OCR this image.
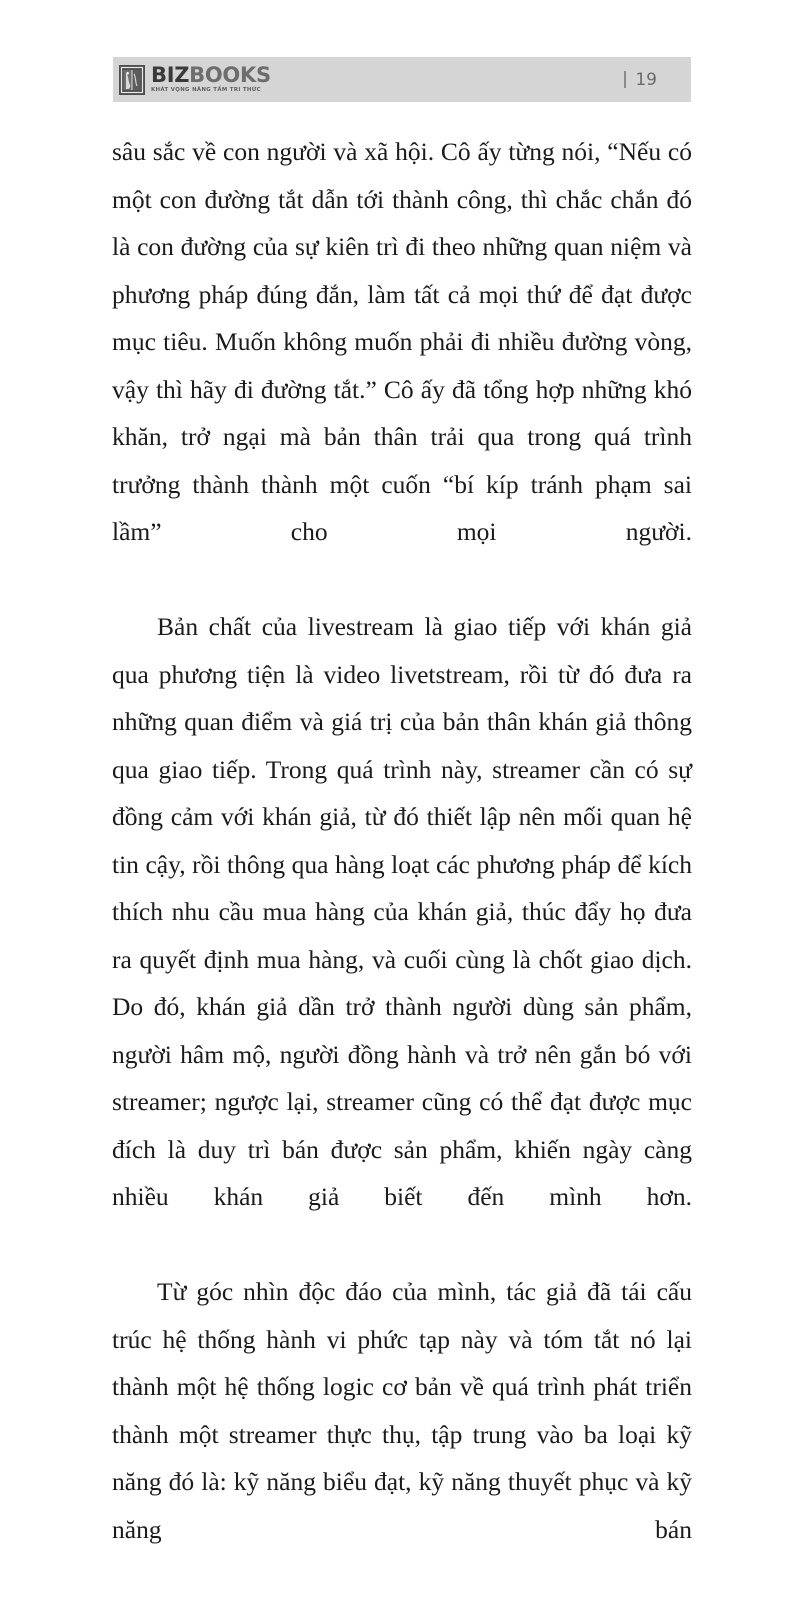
BIZBOOKS
KHÁT VỌNG NÂNG TẦM TRI THỨC
19

sâu sắc về con người và xã hội. Cô ấy từng nói, “Nếu có một con đường tắt dẫn tới thành công, thì chắc chắn đó là con đường của sự kiên trì đi theo những quan niệm và phương pháp đúng đắn, làm tất cả mọi thứ để đạt được mục tiêu. Muốn không muốn phải đi nhiều đường vòng, vậy thì hãy đi đường tắt.” Cô ấy đã tổng hợp những khó khăn, trở ngại mà bản thân trải qua trong quá trình trưởng thành thành một cuốn “bí kíp tránh phạm sai lầm” cho mọi người.

Bản chất của livestream là giao tiếp với khán giả qua phương tiện là video livetstream, rồi từ đó đưa ra những quan điểm và giá trị của bản thân khán giả thông qua giao tiếp. Trong quá trình này, streamer cần có sự đồng cảm với khán giả, từ đó thiết lập nên mối quan hệ tin cậy, rồi thông qua hàng loạt các phương pháp để kích thích nhu cầu mua hàng của khán giả, thúc đẩy họ đưa ra quyết định mua hàng, và cuối cùng là chốt giao dịch. Do đó, khán giả dần trở thành người dùng sản phẩm, người hâm mộ, người đồng hành và trở nên gắn bó với streamer; ngược lại, streamer cũng có thể đạt được mục đích là duy trì bán được sản phẩm, khiến ngày càng nhiều khán giả biết đến mình hơn.

Từ góc nhìn độc đáo của mình, tác giả đã tái cấu trúc hệ thống hành vi phức tạp này và tóm tắt nó lại thành một hệ thống logic cơ bản về quá trình phát triển thành một streamer thực thụ, tập trung vào ba loại kỹ năng đó là: kỹ năng biểu đạt, kỹ năng thuyết phục và kỹ năng bán
